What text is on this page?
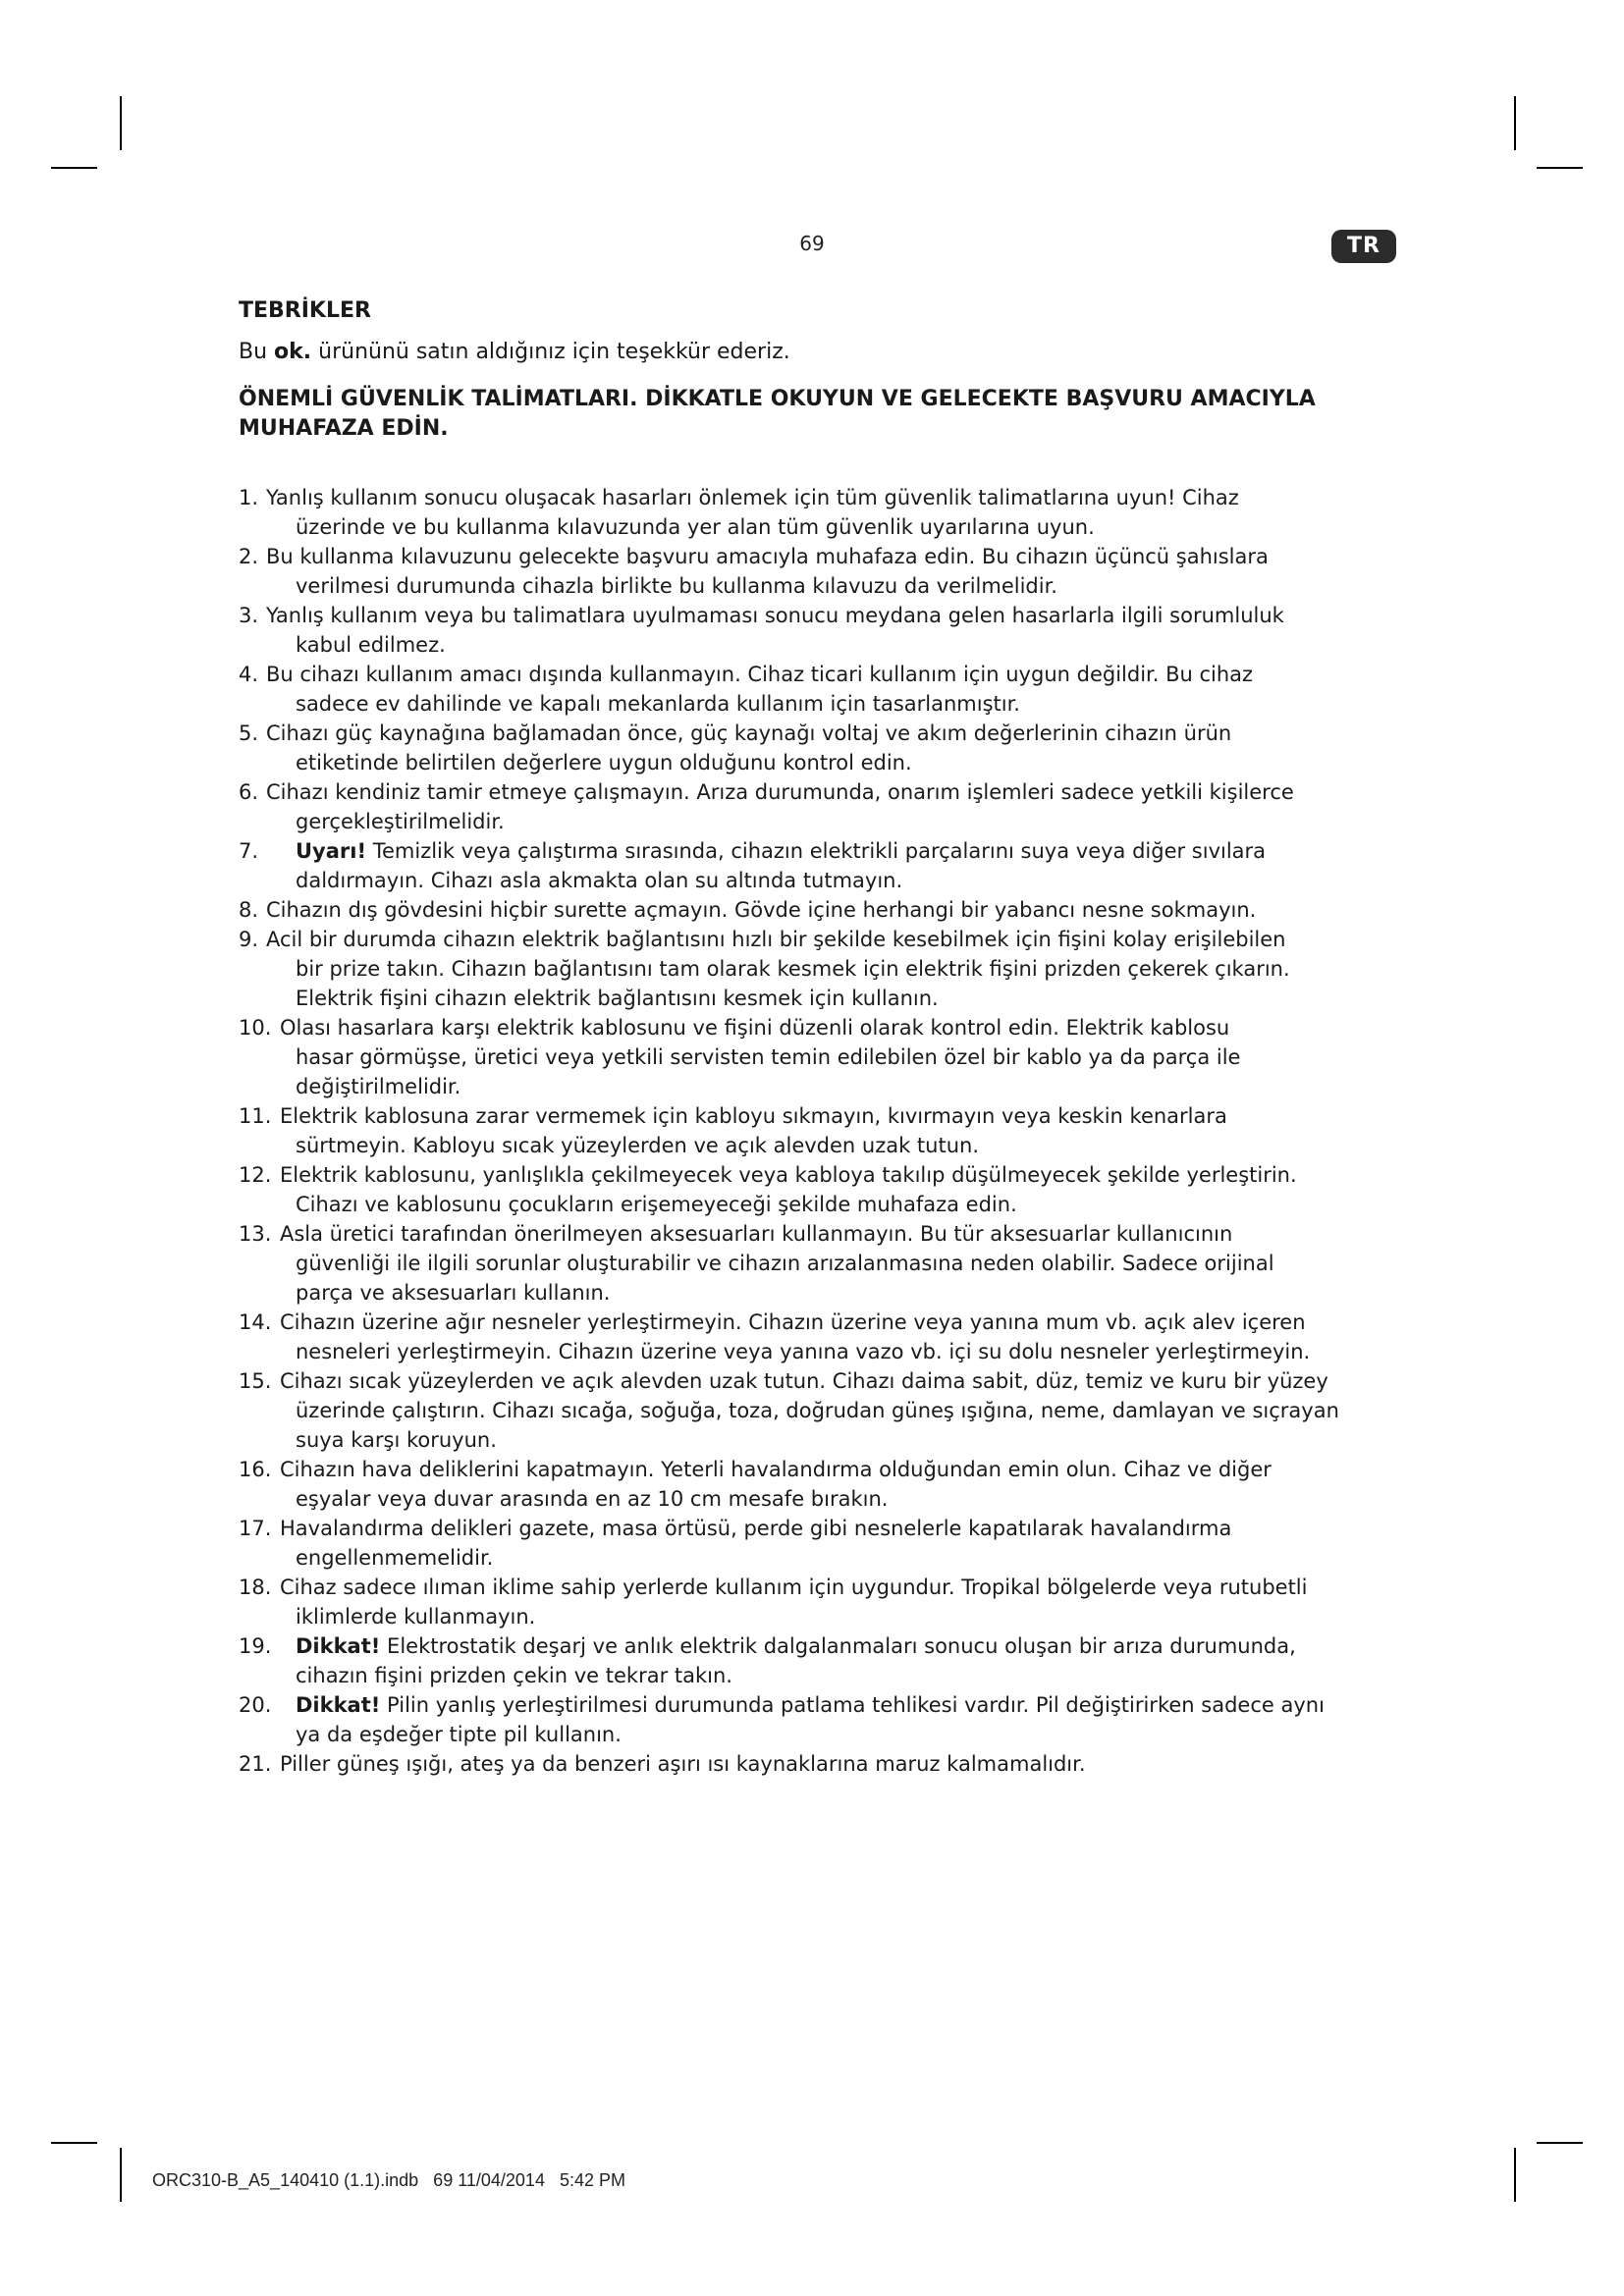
69	TR
TEBRİKLER

Bu ok. ürününü satın aldığınız için teşekkür ederiz.

ÖNEMLİ GÜVENLİK TALİMATLARI. DİKKATLE OKUYUN VE GELECEKTE BAŞVURU AMACIYLA
MUHAFAZA EDİN.

1. Yanlış kullanım sonucu oluşacak hasarları önlemek için tüm güvenlik talimatlarına uyun! Cihaz
üzerinde ve bu kullanma kılavuzunda yer alan tüm güvenlik uyarılarına uyun.
2. Bu kullanma kılavuzunu gelecekte başvuru amacıyla muhafaza edin. Bu cihazın üçüncü şahıslara
verilmesi durumunda cihazla birlikte bu kullanma kılavuzu da verilmelidir.
3. Yanlış kullanım veya bu talimatlara uyulmaması sonucu meydana gelen hasarlarla ilgili sorumluluk
kabul edilmez.
4. Bu cihazı kullanım amacı dışında kullanmayın. Cihaz ticari kullanım için uygun değildir. Bu cihaz
sadece ev dahilinde ve kapalı mekanlarda kullanım için tasarlanmıştır.
5. Cihazı güç kaynağına bağlamadan önce, güç kaynağı voltaj ve akım değerlerinin cihazın ürün
etiketinde belirtilen değerlere uygun olduğunu kontrol edin.
6. Cihazı kendiniz tamir etmeye çalışmayın. Arıza durumunda, onarım işlemleri sadece yetkili kişilerce
gerçekleştirilmelidir.
7. Uyarı! Temizlik veya çalıştırma sırasında, cihazın elektrikli parçalarını suya veya diğer sıvılara
daldırmayın. Cihazı asla akmakta olan su altında tutmayın.
8. Cihazın dış gövdesini hiçbir surette açmayın. Gövde içine herhangi bir yabancı nesne sokmayın.
9. Acil bir durumda cihazın elektrik bağlantısını hızlı bir şekilde kesebilmek için fişini kolay erişilebilen
bir prize takın. Cihazın bağlantısını tam olarak kesmek için elektrik fişini prizden çekerek çıkarın.
Elektrik fişini cihazın elektrik bağlantısını kesmek için kullanın.
10. Olası hasarlara karşı elektrik kablosunu ve fişini düzenli olarak kontrol edin. Elektrik kablosu
hasar görmüşse, üretici veya yetkili servisten temin edilebilen özel bir kablo ya da parça ile
değiştirilmelidir.
11. Elektrik kablosuna zarar vermemek için kabloyu sıkmayın, kıvırmayın veya keskin kenarlara
sürtmeyin. Kabloyu sıcak yüzeylerden ve açık alevden uzak tutun.
12. Elektrik kablosunu, yanlışlıkla çekilmeyecek veya kabloya takılıp düşülmeyecek şekilde yerleştirin.
Cihazı ve kablosunu çocukların erişemeyeceği şekilde muhafaza edin.
13. Asla üretici tarafından önerilmeyen aksesuarları kullanmayın. Bu tür aksesuarlar kullanıcının
güvenliği ile ilgili sorunlar oluşturabilir ve cihazın arızalanmasına neden olabilir. Sadece orijinal
parça ve aksesuarları kullanın.
14. Cihazın üzerine ağır nesneler yerleştirmeyin. Cihazın üzerine veya yanına mum vb. açık alev içeren
nesneleri yerleştirmeyin. Cihazın üzerine veya yanına vazo vb. içi su dolu nesneler yerleştirmeyin.
15. Cihazı sıcak yüzeylerden ve açık alevden uzak tutun. Cihazı daima sabit, düz, temiz ve kuru bir yüzey
üzerinde çalıştırın. Cihazı sıcağa, soğuğa, toza, doğrudan güneş ışığına, neme, damlayan ve sıçrayan
suya karşı koruyun.
16. Cihazın hava deliklerini kapatmayın. Yeterli havalandırma olduğundan emin olun. Cihaz ve diğer
eşyalar veya duvar arasında en az 10 cm mesafe bırakın.
17. Havalandırma delikleri gazete, masa örtüsü, perde gibi nesnelerle kapatılarak havalandırma
engellenmemelidir.
18. Cihaz sadece ılıman iklime sahip yerlerde kullanım için uygundur. Tropikal bölgelerde veya rutubetli
iklimlerde kullanmayın.
19. Dikkat! Elektrostatik deşarj ve anlık elektrik dalgalanmaları sonucu oluşan bir arıza durumunda,
cihazın fişini prizden çekin ve tekrar takın.
20. Dikkat! Pilin yanlış yerleştirilmesi durumunda patlama tehlikesi vardır. Pil değiştirirken sadece aynı
ya da eşdeğer tipte pil kullanın.
21. Piller güneş ışığı, ateş ya da benzeri aşırı ısı kaynaklarına maruz kalmamalıdır.
ORC310-B_A5_140410 (1.1).indb   69 11/04/2014   5:42 PM
